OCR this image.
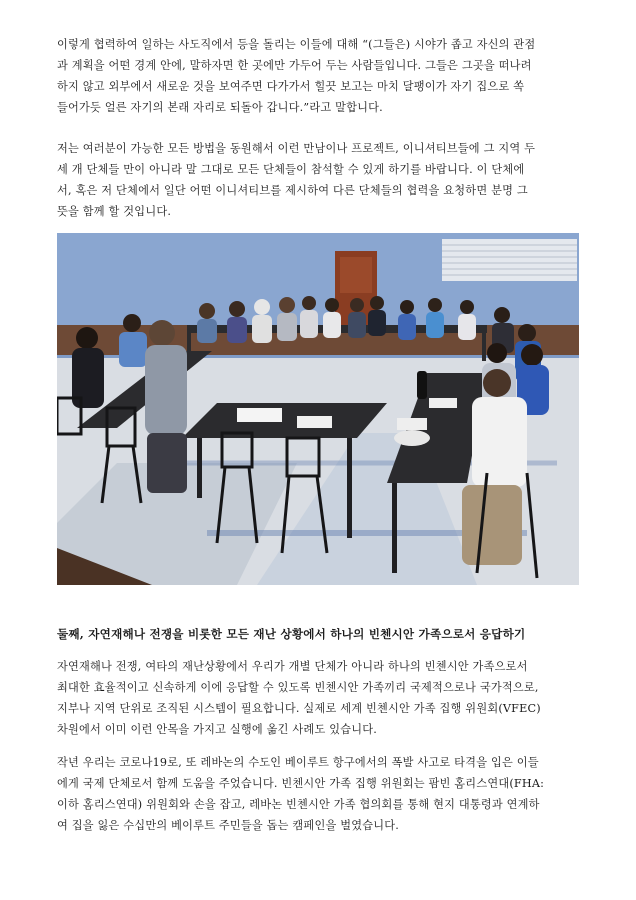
이렇게 협력하여 일하는 사도직에서 등을 돌리는 이들에 대해 “(그들은) 시야가 좁고 자신의 관점
과 계획을 어떤 경계 안에, 말하자면 한 곳에만 가두어 두는 사람들입니다. 그들은 그곳을 떠나려
하지 않고 외부에서 새로운 것을 보여주면 다가가서 힐끗 보고는 마치 달팽이가 자기 집으로 쏙
들어가듯 얼른 자기의 본래 자리로 되돌아 갑니다.”라고 말합니다.
저는 여러분이 가능한 모든 방법을 동원해서 이런 만남이나 프로젝트, 이니셔티브들에 그 지역 두
세 개 단체들 만이 아니라 말 그대로 모든 단체들이 참석할 수 있게 하기를 바랍니다. 이 단체에
서, 혹은 저 단체에서 일단 어떤 이니셔티브를 제시하여 다른 단체들의 협력을 요청하면 분명 그
뜻을 함께 할 것입니다.

둘째, 자연재해나 전쟁을 비롯한 모든 재난 상황에서 하나의 빈첸시안 가족으로서 응답하기

자연재해나 전쟁, 여타의 재난상황에서 우리가 개별 단체가 아니라 하나의 빈첸시안 가족으로서
최대한 효율적이고 신속하게 이에 응답할 수 있도록 빈첸시안 가족끼리 국제적으로나 국가적으로,
지부나 지역 단위로 조직된 시스템이 필요합니다. 실제로 세계 빈첸시안 가족 집행 위원회(VFEC)
차원에서 이미 이런 안목을 가지고 실행에 옮긴 사례도 있습니다.
작년 우리는 코로나19로, 또 레바논의 수도인 베이루트 항구에서의 폭발 사고로 타격을 입은 이들
에게 국제 단체로서 함께 도움을 주었습니다. 빈첸시안 가족 집행 위원회는 팜빈 홈리스연대(FHA:
이하 홈리스연대) 위원회와 손을 잡고, 레바논 빈첸시안 가족 협의회를 통해 현지 대통령과 연계하
여 집을 잃은 수십만의 베이루트 주민들을 돕는 캠페인을 벌였습니다.
